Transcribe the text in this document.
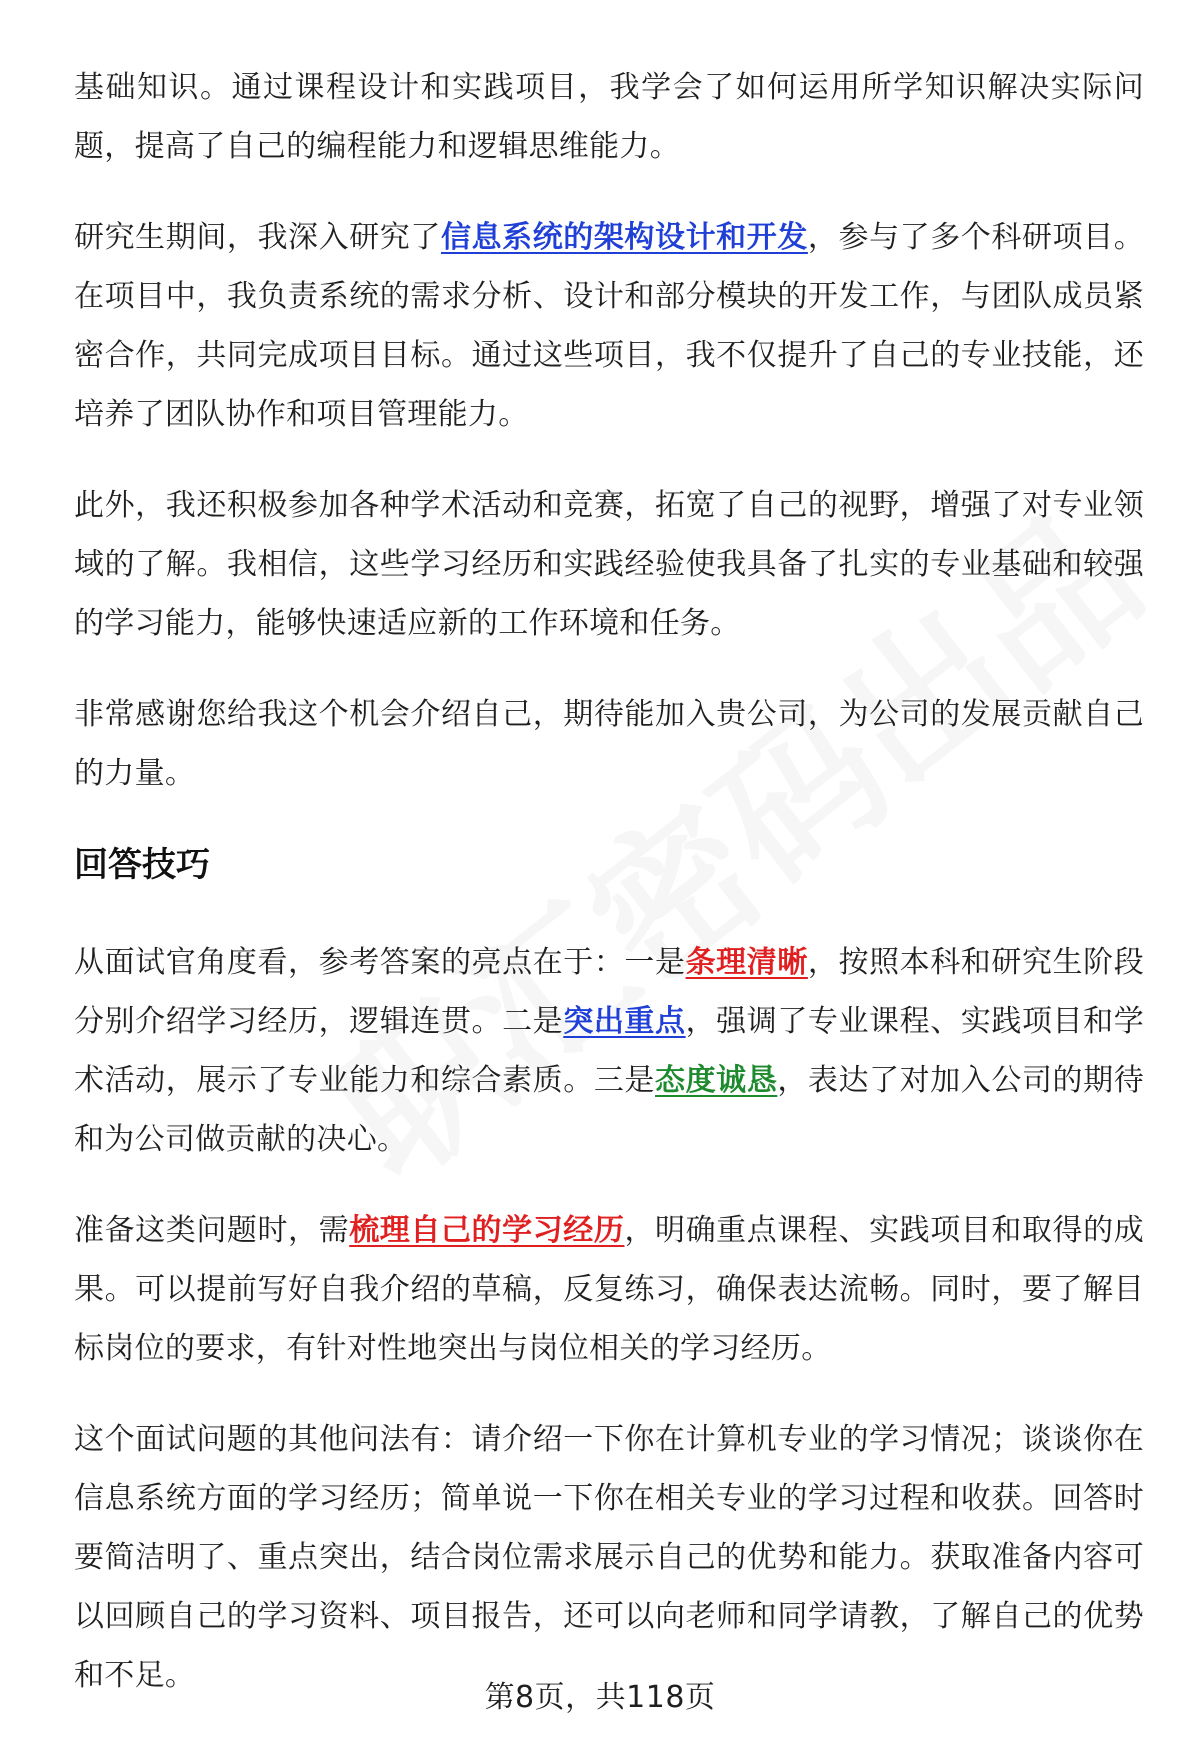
基础知识。通过课程设计和实践项目，我学会了如何运用所学知识解决实际问题，提高了自己的编程能力和逻辑思维能力。

研究生期间，我深入研究了信息系统的架构设计和开发，参与了多个科研项目。在项目中，我负责系统的需求分析、设计和部分模块的开发工作，与团队成员紧密合作，共同完成项目目标。通过这些项目，我不仅提升了自己的专业技能，还培养了团队协作和项目管理能力。

此外，我还积极参加各种学术活动和竞赛，拓宽了自己的视野，增强了对专业领域的了解。我相信，这些学习经历和实践经验使我具备了扎实的专业基础和较强的学习能力，能够快速适应新的工作环境和任务。

非常感谢您给我这个机会介绍自己，期待能加入贵公司，为公司的发展贡献自己的力量。

回答技巧

从面试官角度看，参考答案的亮点在于：一是条理清晰，按照本科和研究生阶段分别介绍学习经历，逻辑连贯。二是突出重点，强调了专业课程、实践项目和学术活动，展示了专业能力和综合素质。三是态度诚恳，表达了对加入公司的期待和为公司做贡献的决心。

准备这类问题时，需梳理自己的学习经历，明确重点课程、实践项目和取得的成果。可以提前写好自我介绍的草稿，反复练习，确保表达流畅。同时，要了解目标岗位的要求，有针对性地突出与岗位相关的学习经历。

这个面试问题的其他问法有：请介绍一下你在计算机专业的学习情况；谈谈你在信息系统方面的学习经历；简单说一下你在相关专业的学习过程和收获。回答时要简洁明了、重点突出，结合岗位需求展示自己的优势和能力。获取准备内容可以回顾自己的学习资料、项目报告，还可以向老师和同学请教，了解自己的优势和不足。

第8页，共118页
